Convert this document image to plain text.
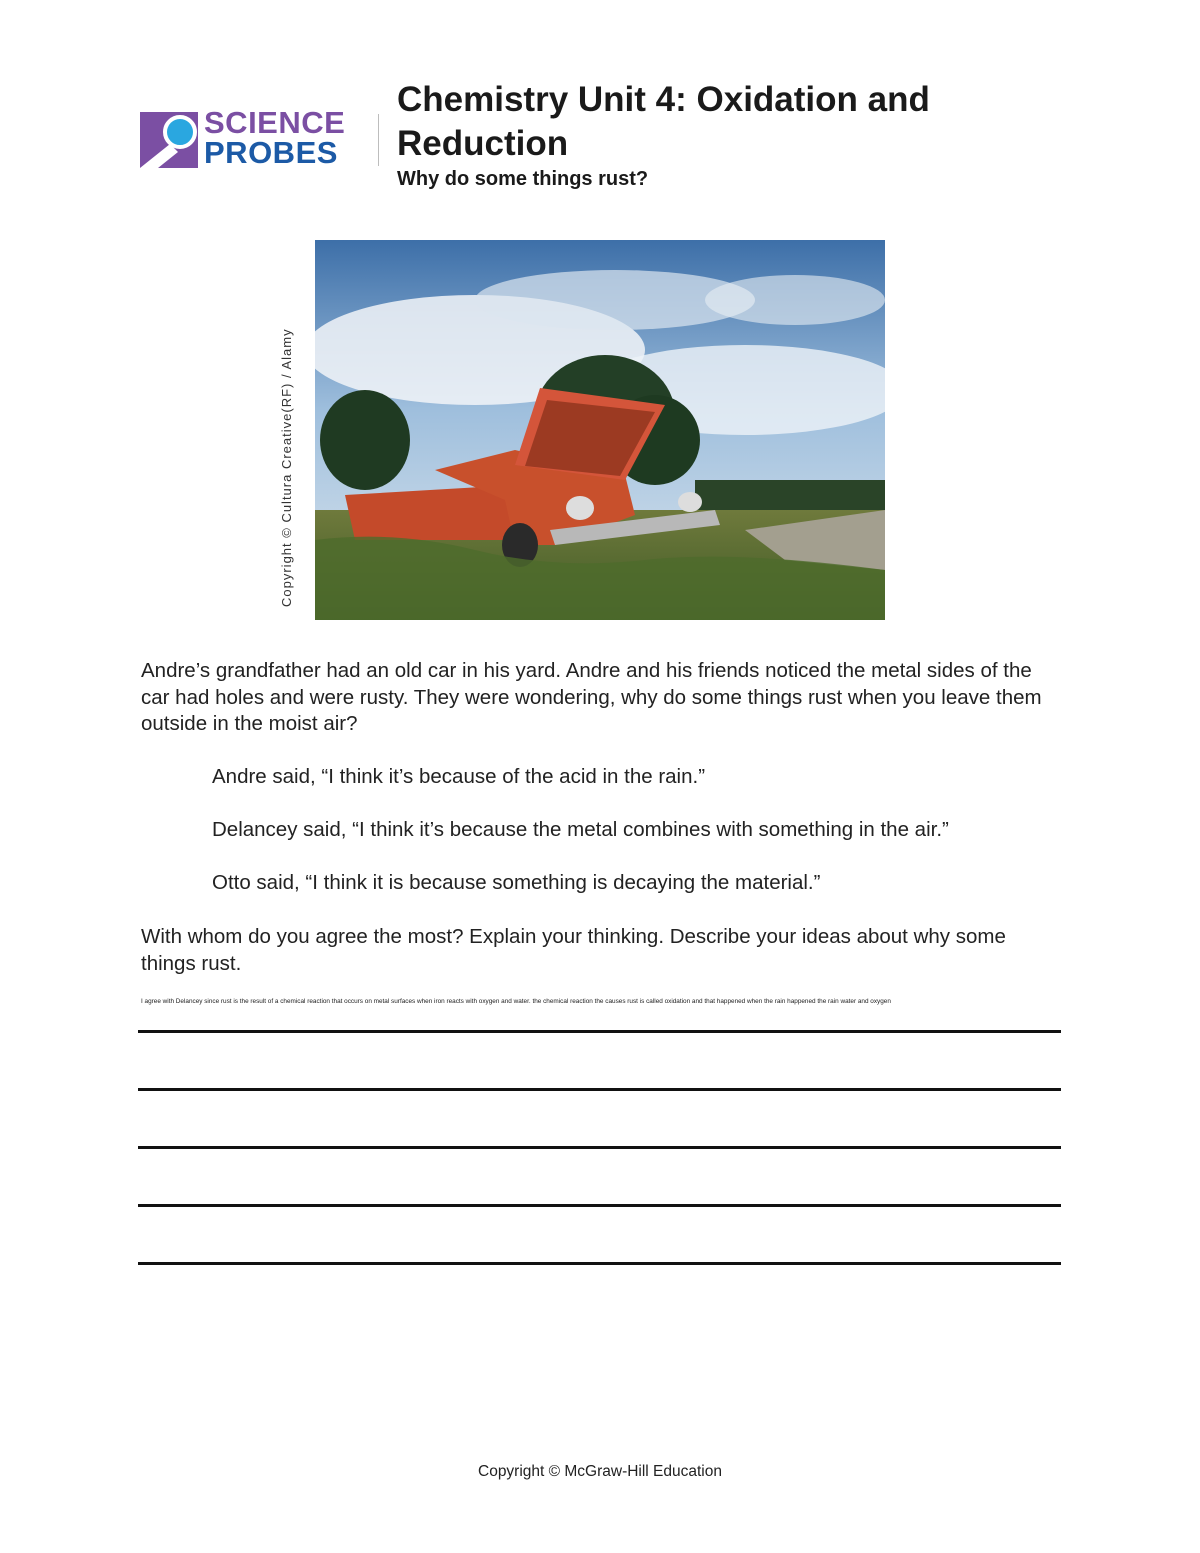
SCIENCE
PROBES
Chemistry Unit 4: Oxidation and Reduction
Why do some things rust?
Copyright © Cultura Creative(RF) / Alamy

Andre’s grandfather had an old car in his yard. Andre and his friends noticed the metal sides of the car had holes and were rusty. They were wondering, why do some things rust when you leave them outside in the moist air?

Andre said, “I think it’s because of the acid in the rain.”

Delancey said, “I think it’s because the metal combines with something in the air.”

Otto said, “I think it is because something is decaying the material.”

With whom do you agree the most? Explain your thinking. Describe your ideas about why some things rust.

I agree with Delancey since rust is the result of a chemical reaction that occurs on metal surfaces when iron reacts with oxygen and water. the chemical reaction the causes rust is called oxidation and that happened when the rain happened the rain water and oxygen
Copyright © McGraw-Hill Education
